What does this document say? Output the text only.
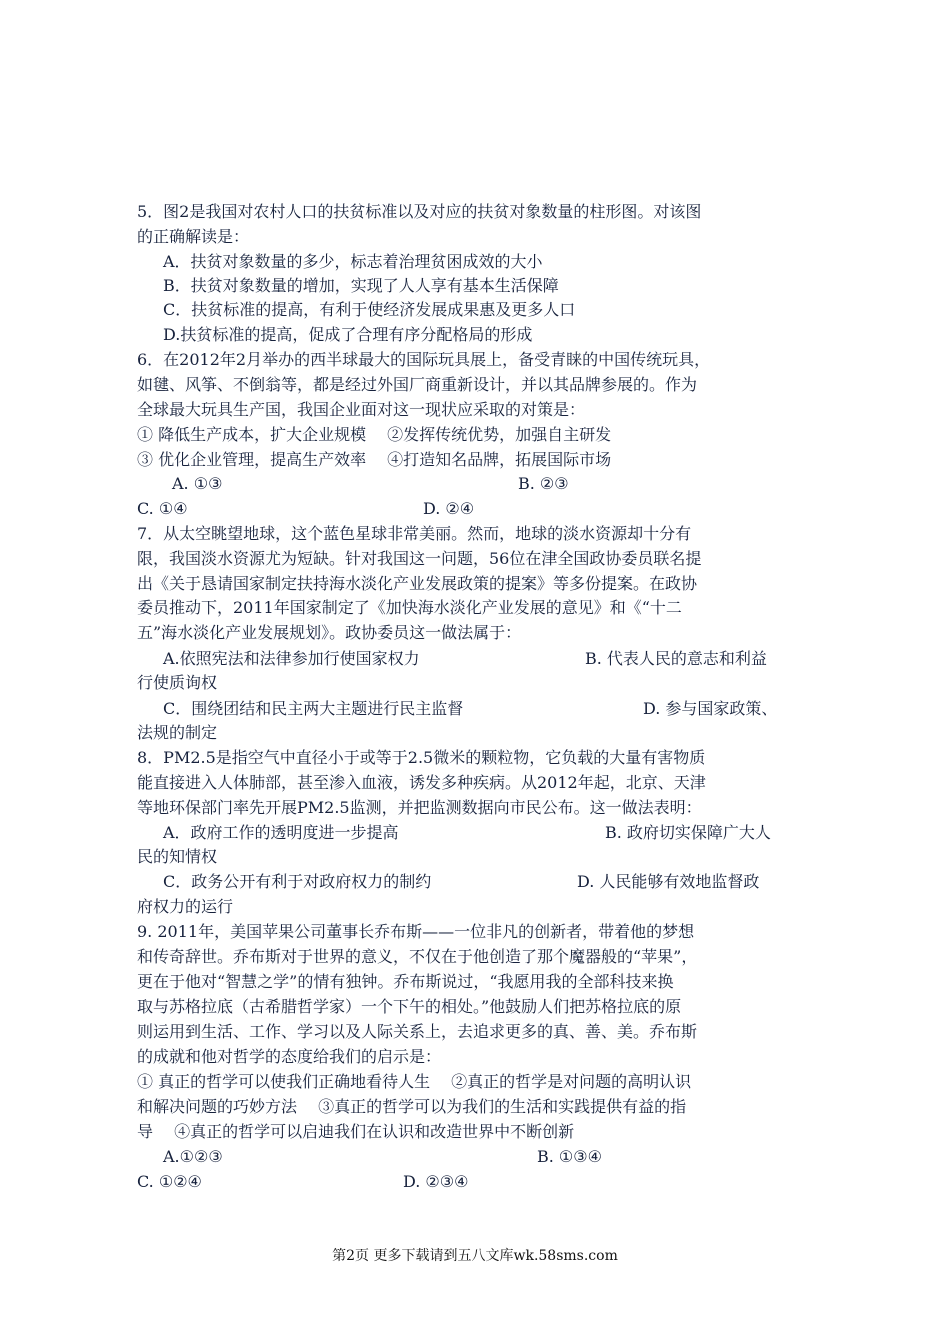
5．图2是我国对农村人口的扶贫标准以及对应的扶贫对象数量的柱形图。对该图
的正确解读是：
A．扶贫对象数量的多少，标志着治理贫困成效的大小
B．扶贫对象数量的增加，实现了人人享有基本生活保障
C．扶贫标准的提高，有利于使经济发展成果惠及更多人口
D.扶贫标准的提高，促成了合理有序分配格局的形成
6．在2012年2月举办的西半球最大的国际玩具展上，备受青睐的中国传统玩具，
如毽、风筝、不倒翁等，都是经过外国厂商重新设计，并以其品牌参展的。作为
全球最大玩具生产国，我国企业面对这一现状应采取的对策是：
① 降低生产成本，扩大企业规模　 ②发挥传统优势，加强自主研发
③ 优化企业管理，提高生产效率　 ④打造知名品牌，拓展国际市场
A. ①③	B. ②③
C. ①④	D. ②④
7．从太空眺望地球，这个蓝色星球非常美丽。然而，地球的淡水资源却十分有
限，我国淡水资源尤为短缺。针对我国这一问题，56位在津全国政协委员联名提
出《关于恳请国家制定扶持海水淡化产业发展政策的提案》等多份提案。在政协
委员推动下，2011年国家制定了《加快海水淡化产业发展的意见》和《“十二
五”海水淡化产业发展规划》。政协委员这一做法属于：
A.依照宪法和法律参加行使国家权力	B. 代表人民的意志和利益
行使质询权
C．围绕团结和民主两大主题进行民主监督	D. 参与国家政策、
法规的制定
8．PM2.5是指空气中直径小于或等于2.5微米的颗粒物，它负载的大量有害物质
能直接进入人体肺部，甚至渗入血液，诱发多种疾病。从2012年起，北京、天津
等地环保部门率先开展PM2.5监测，并把监测数据向市民公布。这一做法表明：
A．政府工作的透明度进一步提高	B. 政府切实保障广大人
民的知情权
C．政务公开有利于对政府权力的制约	D. 人民能够有效地监督政
府权力的运行
9. 2011年，美国苹果公司董事长乔布斯——一位非凡的创新者，带着他的梦想
和传奇辞世。乔布斯对于世界的意义，不仅在于他创造了那个魔器般的“苹果”，
更在于他对“智慧之学”的情有独钟。乔布斯说过，“我愿用我的全部科技来换
取与苏格拉底（古希腊哲学家）一个下午的相处。”他鼓励人们把苏格拉底的原
则运用到生活、工作、学习以及人际关系上，去追求更多的真、善、美。乔布斯
的成就和他对哲学的态度给我们的启示是：
① 真正的哲学可以使我们正确地看待人生　 ②真正的哲学是对问题的高明认识
和解决问题的巧妙方法　 ③真正的哲学可以为我们的生活和实践提供有益的指
导　 ④真正的哲学可以启迪我们在认识和改造世界中不断创新
A.①②③	B. ①③④
C. ①②④	D. ②③④
第2页 更多下载请到五八文库wk.58sms.com
